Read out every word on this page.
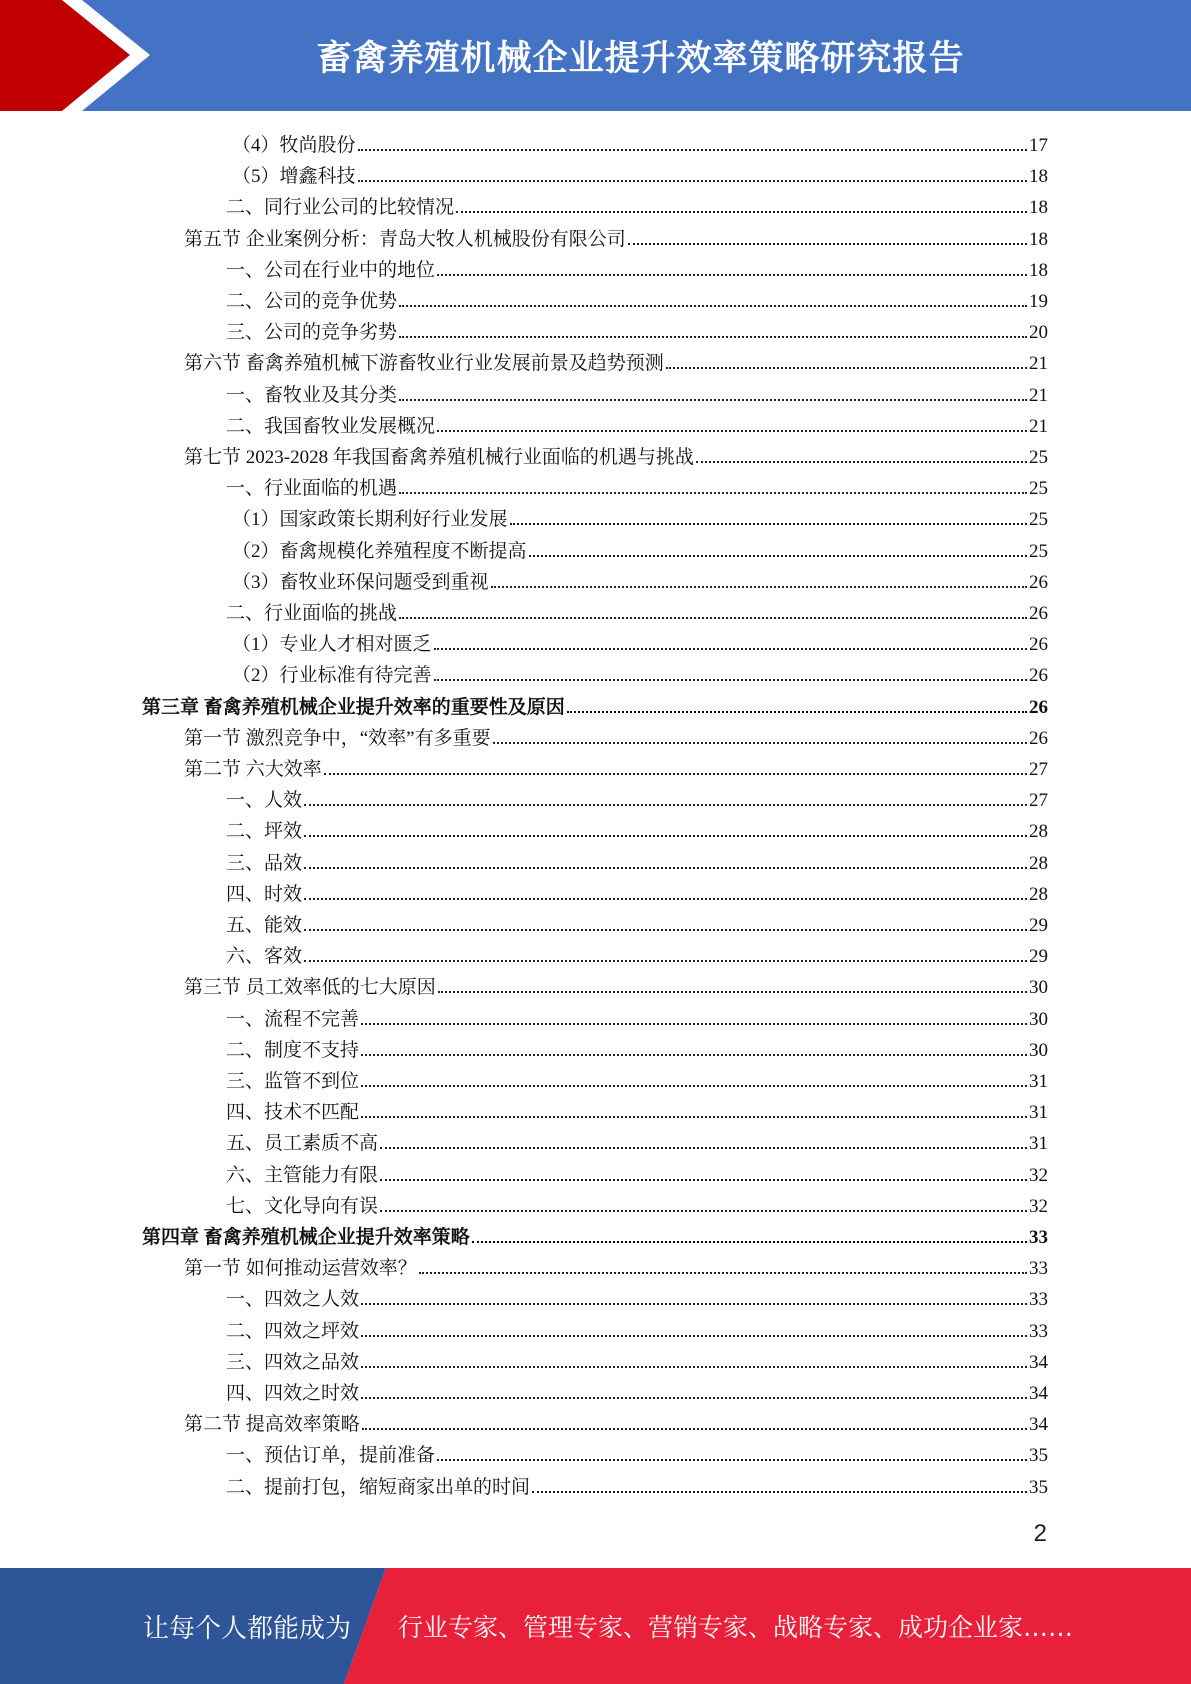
畜禽养殖机械企业提升效率策略研究报告
（4）牧尚股份	17
（5）增鑫科技	18
二、同行业公司的比较情况	18
第五节 企业案例分析：青岛大牧人机械股份有限公司	18
一、公司在行业中的地位	18
二、公司的竞争优势	19
三、公司的竞争劣势	20
第六节 畜禽养殖机械下游畜牧业行业发展前景及趋势预测	21
一、畜牧业及其分类	21
二、我国畜牧业发展概况	21
第七节 2023-2028 年我国畜禽养殖机械行业面临的机遇与挑战	25
一、行业面临的机遇	25
（1）国家政策长期利好行业发展	25
（2）畜禽规模化养殖程度不断提高	25
（3）畜牧业环保问题受到重视	26
二、行业面临的挑战	26
（1）专业人才相对匮乏	26
（2）行业标准有待完善	26
第三章 畜禽养殖机械企业提升效率的重要性及原因	26
第一节 激烈竞争中，“效率”有多重要	26
第二节 六大效率	27
一、人效	27
二、坪效	28
三、品效	28
四、时效	28
五、能效	29
六、客效	29
第三节 员工效率低的七大原因	30
一、流程不完善	30
二、制度不支持	30
三、监管不到位	31
四、技术不匹配	31
五、员工素质不高	31
六、主管能力有限	32
七、文化导向有误	32
第四章 畜禽养殖机械企业提升效率策略	33
第一节 如何推动运营效率？	33
一、四效之人效	33
二、四效之坪效	33
三、四效之品效	34
四、四效之时效	34
第二节 提高效率策略	34
一、预估订单，提前准备	35
二、提前打包，缩短商家出单的时间	35
2
让每个人都能成为 行业专家、管理专家、营销专家、战略专家、成功企业家……
